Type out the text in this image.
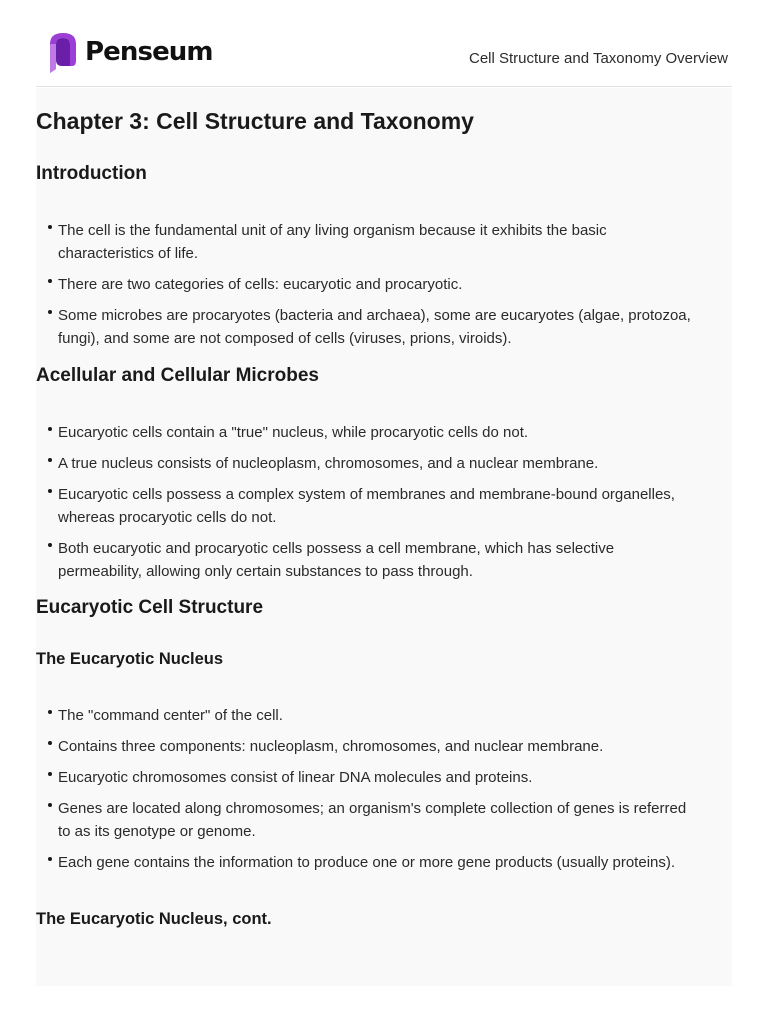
Penseum	Cell Structure and Taxonomy Overview
Chapter 3: Cell Structure and Taxonomy
Introduction
The cell is the fundamental unit of any living organism because it exhibits the basic characteristics of life.
There are two categories of cells: eucaryotic and procaryotic.
Some microbes are procaryotes (bacteria and archaea), some are eucaryotes (algae, protozoa, fungi), and some are not composed of cells (viruses, prions, viroids).
Acellular and Cellular Microbes
Eucaryotic cells contain a "true" nucleus, while procaryotic cells do not.
A true nucleus consists of nucleoplasm, chromosomes, and a nuclear membrane.
Eucaryotic cells possess a complex system of membranes and membrane-bound organelles, whereas procaryotic cells do not.
Both eucaryotic and procaryotic cells possess a cell membrane, which has selective permeability, allowing only certain substances to pass through.
Eucaryotic Cell Structure
The Eucaryotic Nucleus
The "command center" of the cell.
Contains three components: nucleoplasm, chromosomes, and nuclear membrane.
Eucaryotic chromosomes consist of linear DNA molecules and proteins.
Genes are located along chromosomes; an organism's complete collection of genes is referred to as its genotype or genome.
Each gene contains the information to produce one or more gene products (usually proteins).
The Eucaryotic Nucleus, cont.
